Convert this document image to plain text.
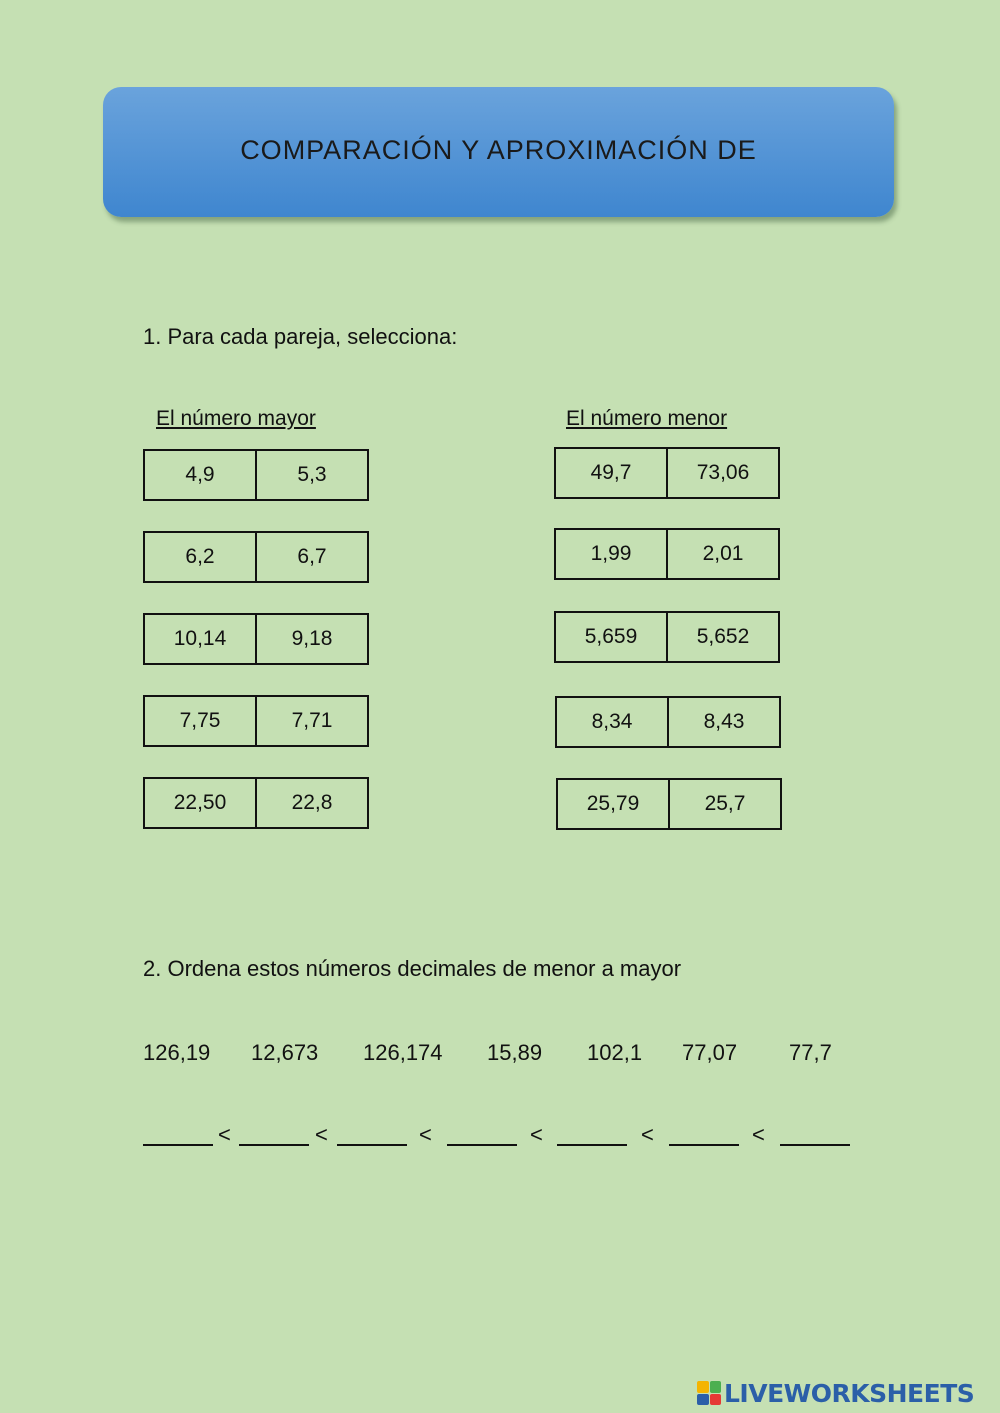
COMPARACIÓN Y APROXIMACIÓN DE
1. Para cada pareja, selecciona:
El número mayor	El número menor
4,9	5,3
6,2	6,7
10,14	9,18
7,75	7,71
22,50	22,8
49,7	73,06
1,99	2,01
5,659	5,652
8,34	8,43
25,79	25,7
2. Ordena estos números decimales de menor a mayor
126,19 12,673 126,174 15,89 102,1 77,07 77,7
<	<	<	<	<	<
LIVEWORKSHEETS
